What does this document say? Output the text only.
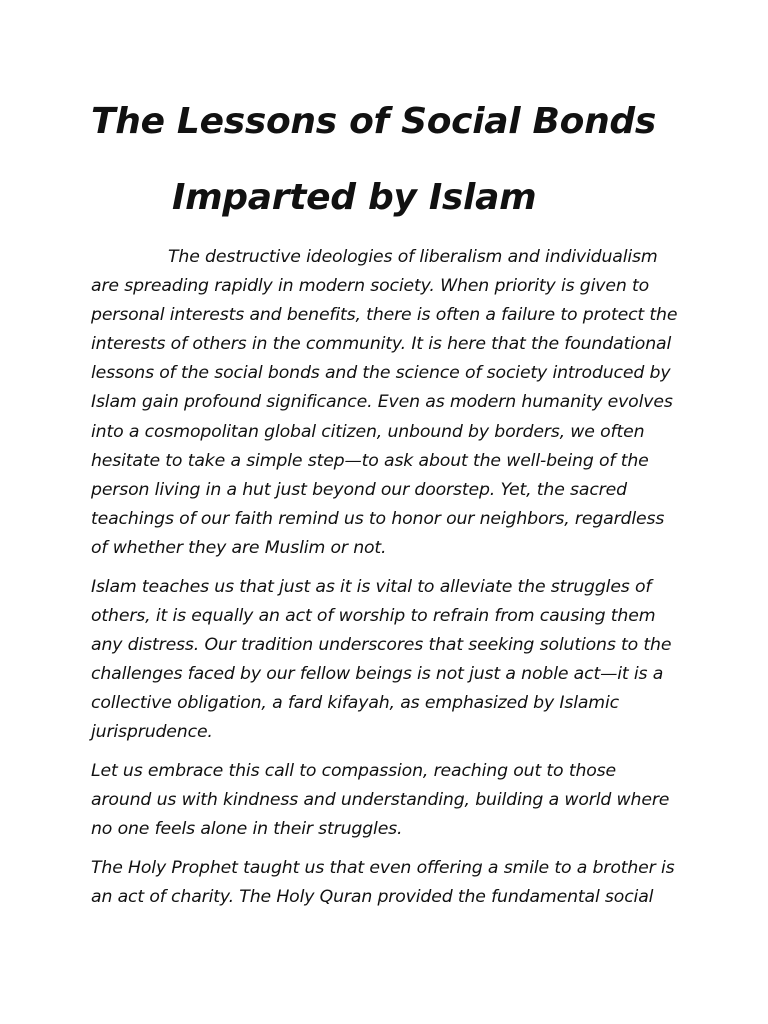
The Lessons of Social Bonds
Imparted by Islam

The destructive ideologies of liberalism and individualism are spreading rapidly in modern society. When priority is given to personal interests and benefits, there is often a failure to protect the interests of others in the community. It is here that the foundational lessons of the social bonds and the science of society introduced by Islam gain profound significance. Even as modern humanity evolves into a cosmopolitan global citizen, unbound by borders, we often hesitate to take a simple step—to ask about the well-being of the person living in a hut just beyond our doorstep. Yet, the sacred teachings of our faith remind us to honor our neighbors, regardless of whether they are Muslim or not.

Islam teaches us that just as it is vital to alleviate the struggles of others, it is equally an act of worship to refrain from causing them any distress. Our tradition underscores that seeking solutions to the challenges faced by our fellow beings is not just a noble act—it is a collective obligation, a fard kifayah, as emphasized by Islamic jurisprudence.

Let us embrace this call to compassion, reaching out to those around us with kindness and understanding, building a world where no one feels alone in their struggles.

The Holy Prophet taught us that even offering a smile to a brother is an act of charity. The Holy Quran provided the fundamental social
